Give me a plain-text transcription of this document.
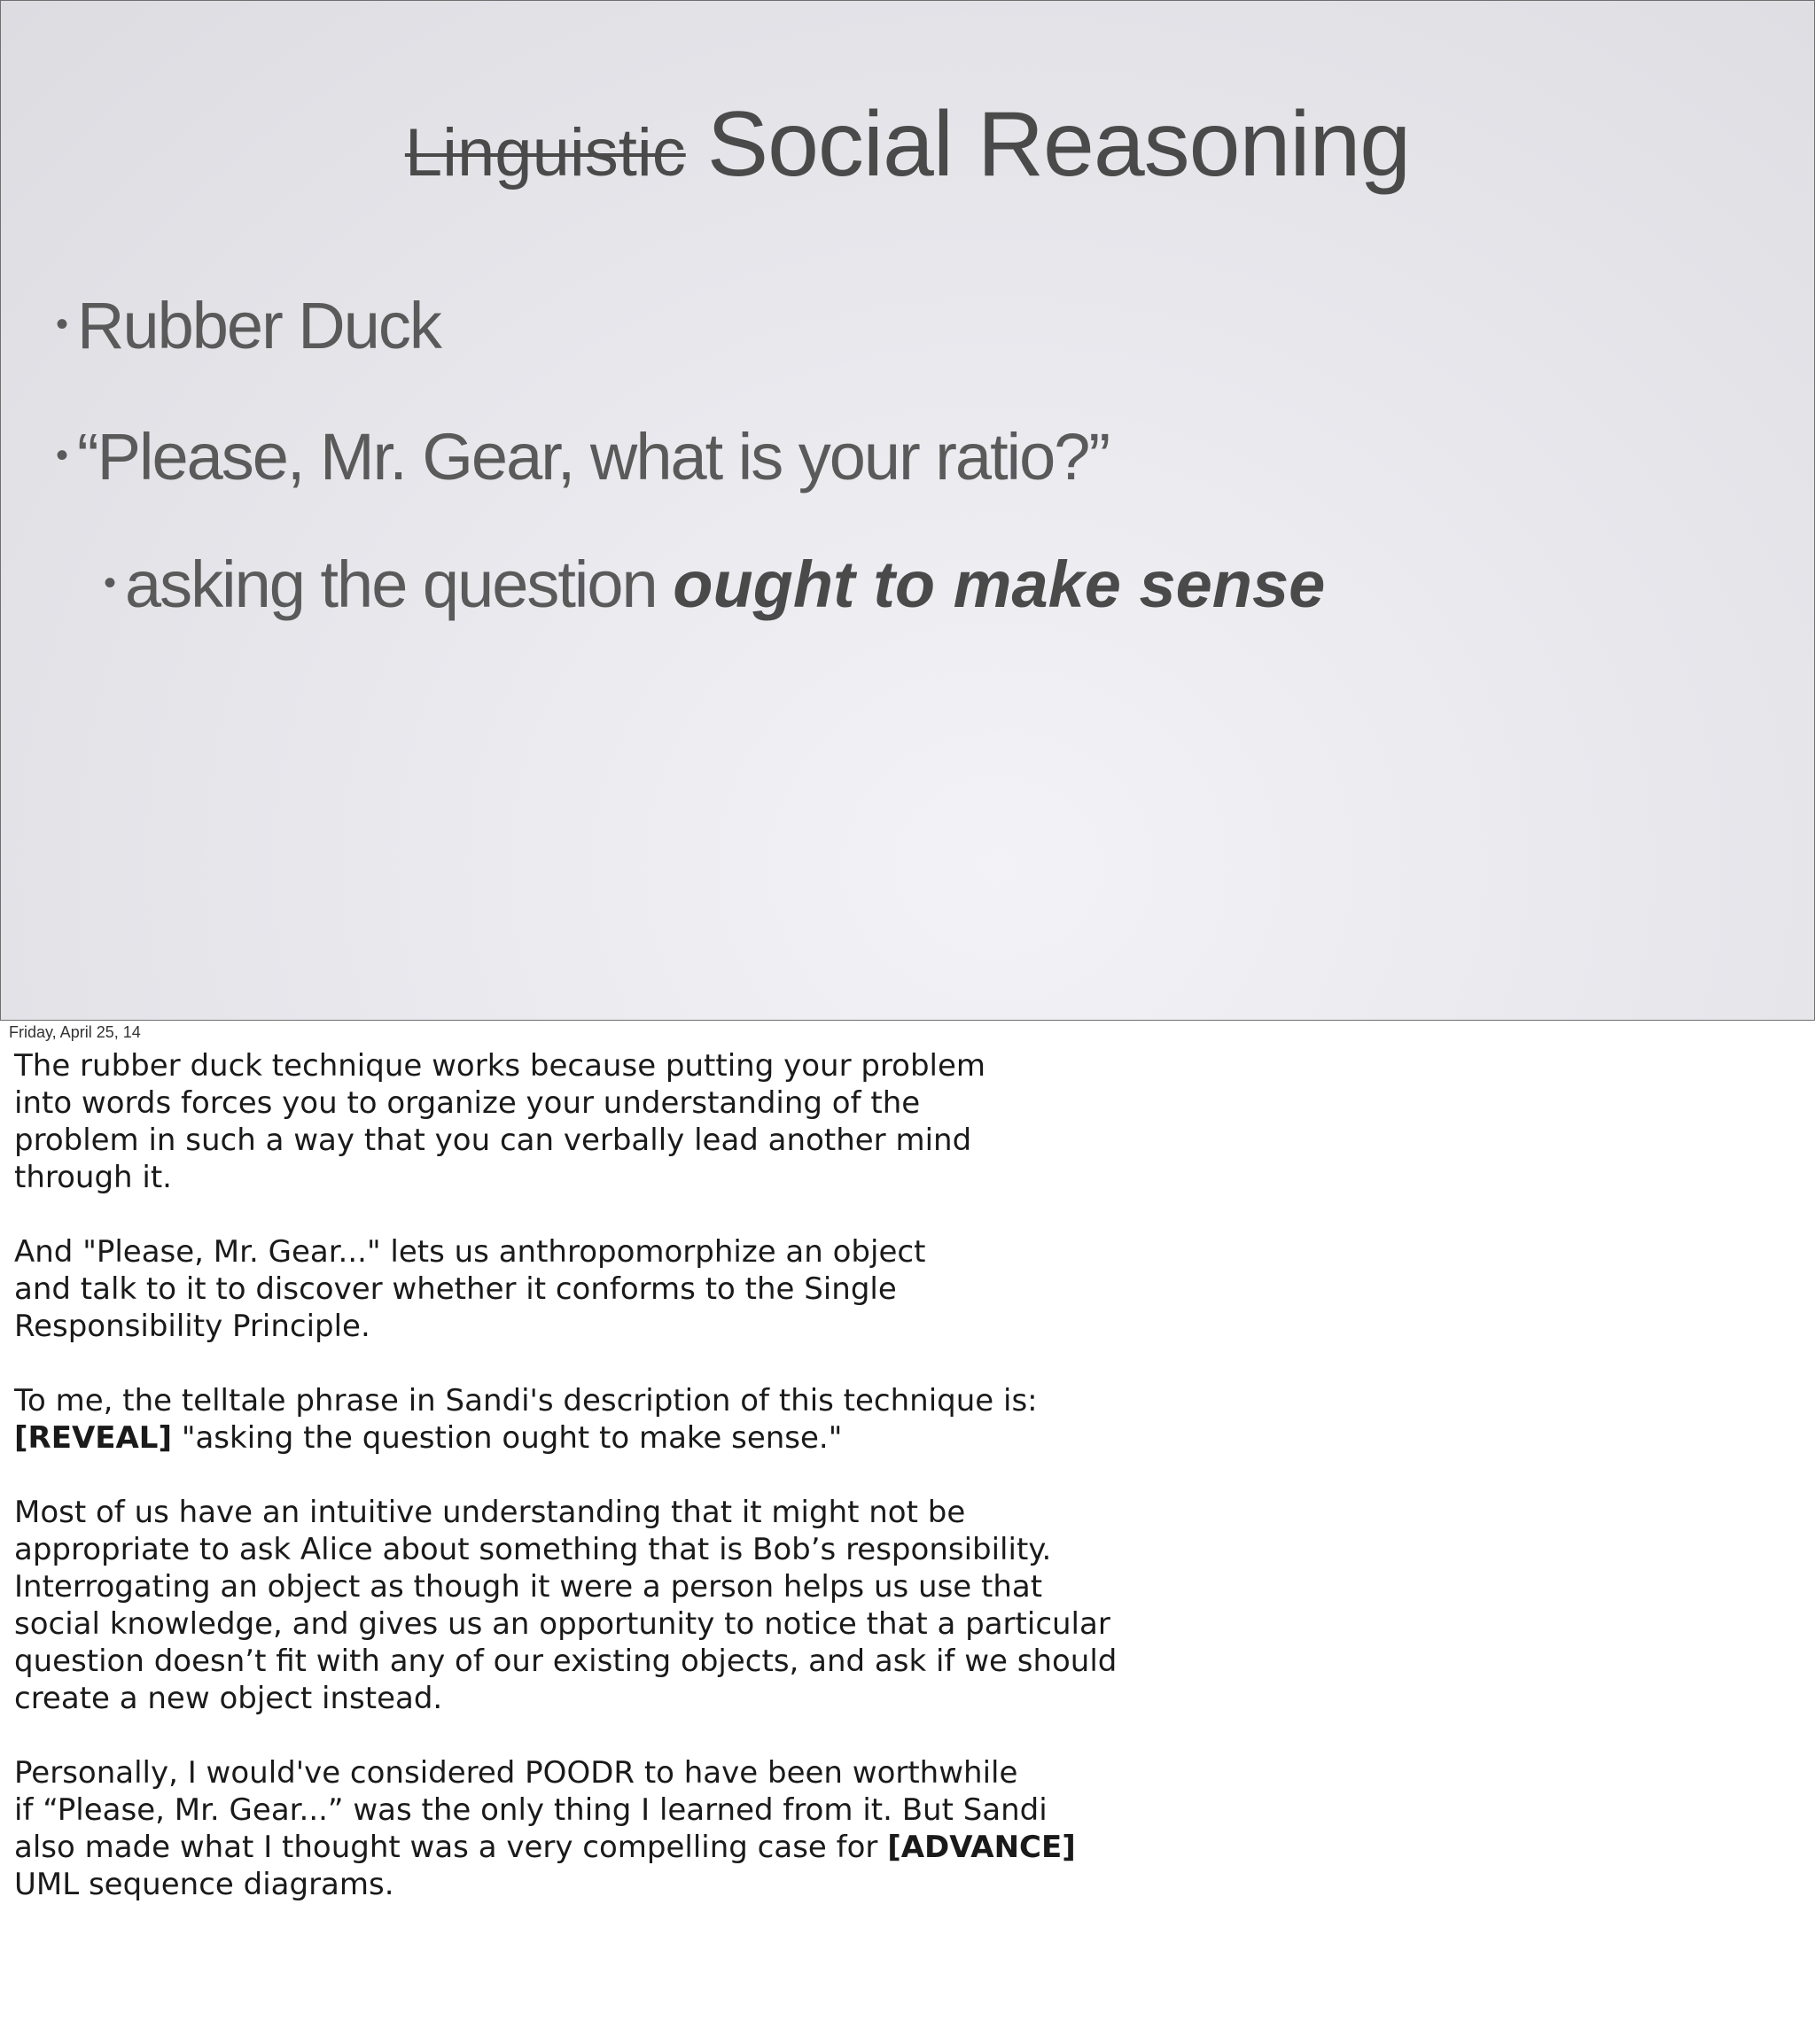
Linguistic Social Reasoning
• Rubber Duck
• “Please, Mr. Gear, what is your ratio?”
• asking the question ought to make sense
Friday, April 25, 14
The rubber duck technique works because putting your problem
into words forces you to organize your understanding of the
problem in such a way that you can verbally lead another mind
through it.
And "Please, Mr. Gear..." lets us anthropomorphize an object
and talk to it to discover whether it conforms to the Single
Responsibility Principle.
To me, the telltale phrase in Sandi's description of this technique is:
[REVEAL] "asking the question ought to make sense."
Most of us have an intuitive understanding that it might not be
appropriate to ask Alice about something that is Bob’s responsibility.
Interrogating an object as though it were a person helps us use that
social knowledge, and gives us an opportunity to notice that a particular
question doesn’t fit with any of our existing objects, and ask if we should
create a new object instead.
Personally, I would've considered POODR to have been worthwhile
if “Please, Mr. Gear...” was the only thing I learned from it. But Sandi
also made what I thought was a very compelling case for [ADVANCE]
UML sequence diagrams.
